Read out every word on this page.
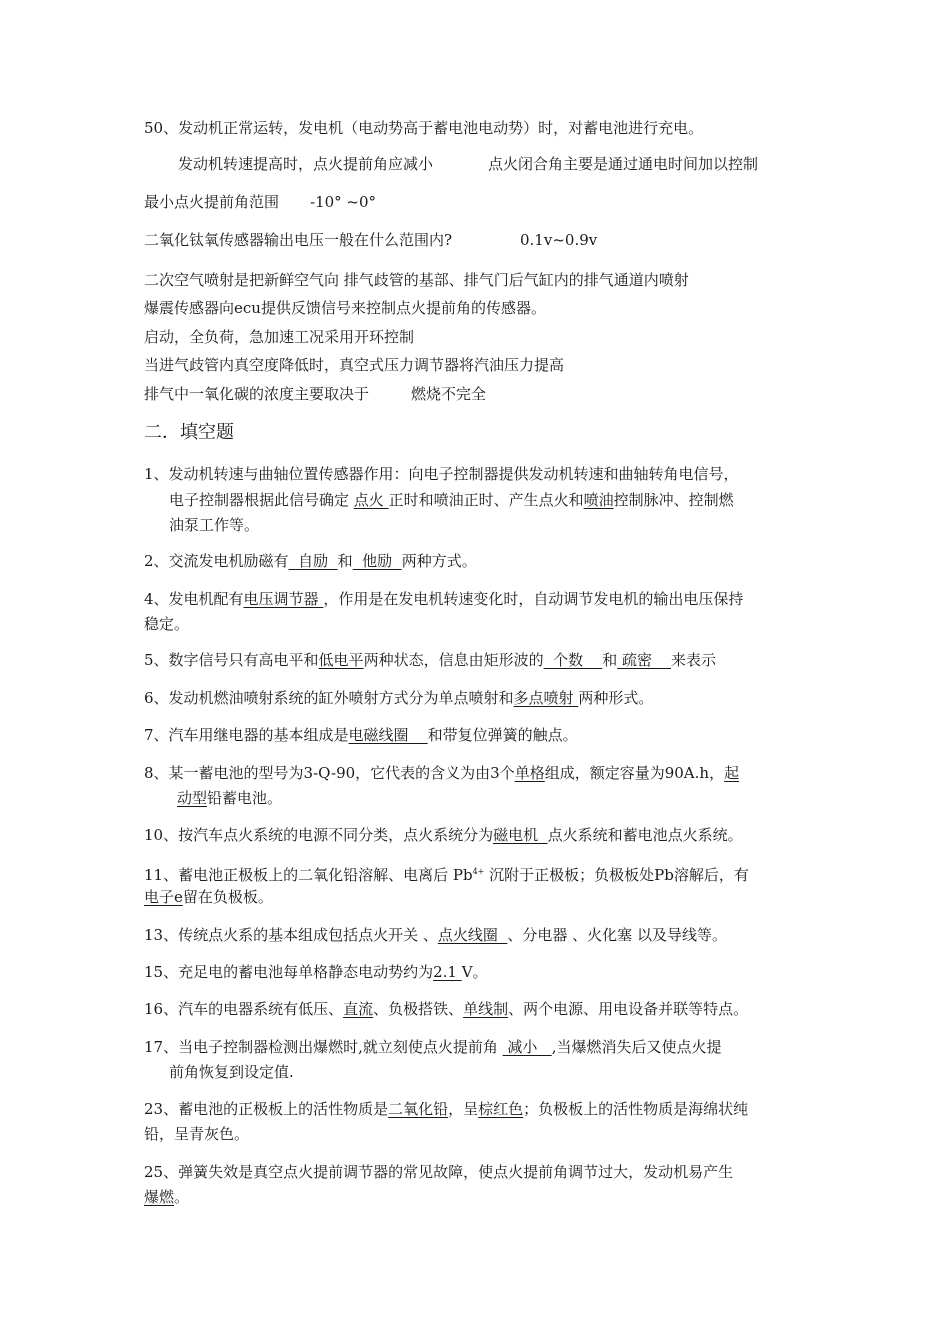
50、发动机正常运转，发电机（电动势高于蓄电池电动势）时，对蓄电池进行充电。
发动机转速提高时，点火提前角应减小	点火闭合角主要是通过通电时间加以控制
最小点火提前角范围 -10° ~0°
二氧化钛氧传感器输出电压一般在什么范围内?	0.1v~0.9v
二次空气喷射是把新鲜空气向 排气歧管的基部、排气门后气缸内的排气通道内喷射
爆震传感器向ecu提供反馈信号来控制点火提前角的传感器。
启动，全负荷，急加速工况采用开环控制
当进气歧管内真空度降低时，真空式压力调节器将汽油压力提高
排气中一氧化碳的浓度主要取决于	燃烧不完全
二．填空题
1、发动机转速与曲轴位置传感器作用：向电子控制器提供发动机转速和曲轴转角电信号，
电子控制器根据此信号确定 点火 正时和喷油正时、产生点火和喷油控制脉冲、控制燃
油泵工作等。
2、交流发电机励磁有  自励  和  他励  两种方式。
4、发电机配有电压调节器 ，作用是在发电机转速变化时，自动调节发电机的输出电压保持
稳定。
5、数字信号只有高电平和低电平两种状态，信息由矩形波的  个数    和 疏密    来表示
6、发动机燃油喷射系统的缸外喷射方式分为单点喷射和多点喷射 两种形式。
7、汽车用继电器的基本组成是电磁线圈    和带复位弹簧的触点。
8、某一蓄电池的型号为3-Q-90，它代表的含义为由3个单格组成，额定容量为90A.h，起
动型铅蓄电池。
10、按汽车点火系统的电源不同分类，点火系统分为磁电机  点火系统和蓄电池点火系统。
11、蓄电池正极板上的二氧化铅溶解、电离后 $Pb^{4+}$ 沉附于正极板；负极板处Pb溶解后，有
电子e留在负极板。
13、传统点火系的基本组成包括点火开关 、点火线圈  、分电器 、火化塞 以及导线等。
15、充足电的蓄电池每单格静态电动势约为2.1 V。
16、汽车的电器系统有低压、直流、负极搭铁、单线制、两个电源、用电设备并联等特点。
17、当电子控制器检测出爆燃时,就立刻使点火提前角  减小   ,当爆燃消失后又使点火提
前角恢复到设定值.
23、蓄电池的正极板上的活性物质是二氧化铅，呈棕红色；负极板上的活性物质是海绵状纯
铅，呈青灰色。
25、弹簧失效是真空点火提前调节器的常见故障，使点火提前角调节过大，发动机易产生
爆燃。
